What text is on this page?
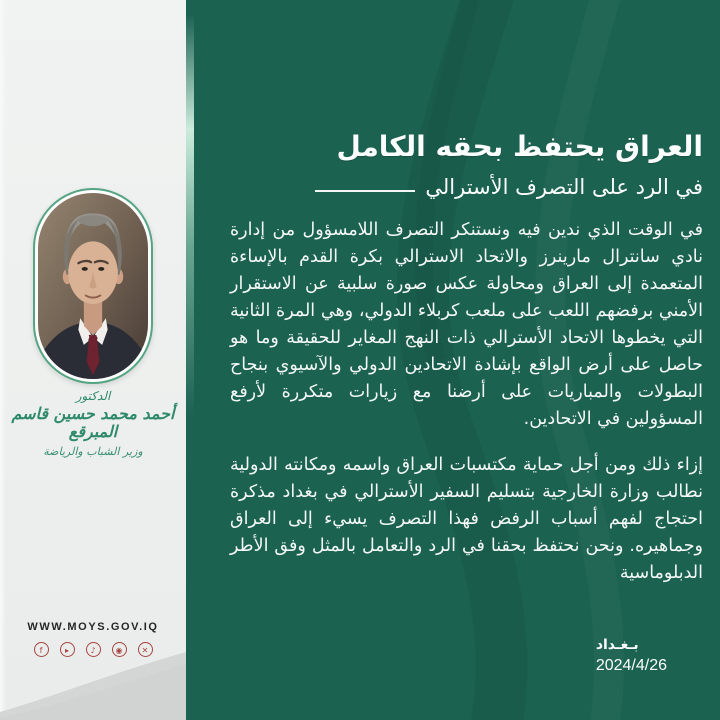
الدكتور
أحمد محمد حسين قاسم المبرقع
وزير الشباب والرياضة
WWW.MOYS.GOV.IQ
f	▸	♪	◉	✕
العراق يحتفظ بحقه الكامل
في الرد على التصرف الأسترالي

في الوقت الذي ندين فيه ونستنكر التصرف اللامسؤول من إدارة نادي سانترال مارينرز والاتحاد الاسترالي بكرة القدم بالإساءة المتعمدة إلى العراق ومحاولة عكس صورة سلبية عن الاستقرار الأمني برفضهم اللعب على ملعب كربلاء الدولي، وهي المرة الثانية التي يخطوها الاتحاد الأسترالي ذات النهج المغاير للحقيقة وما هو حاصل على أرض الواقع بإشادة الاتحادين الدولي والآسيوي بنجاح البطولات والمباريات على أرضنا مع زيارات متكررة لأرفع المسؤولين في الاتحادين.

إزاء ذلك ومن أجل حماية مكتسبات العراق واسمه ومكانته الدولية نطالب وزارة الخارجية بتسليم السفير الأسترالي في بغداد مذكرة احتجاج لفهم أسباب الرفض فهذا التصرف يسيء إلى العراق وجماهيره. ونحن نحتفظ بحقنا في الرد والتعامل بالمثل وفق الأطر الدبلوماسية

بـغـداد
2024/4/26
